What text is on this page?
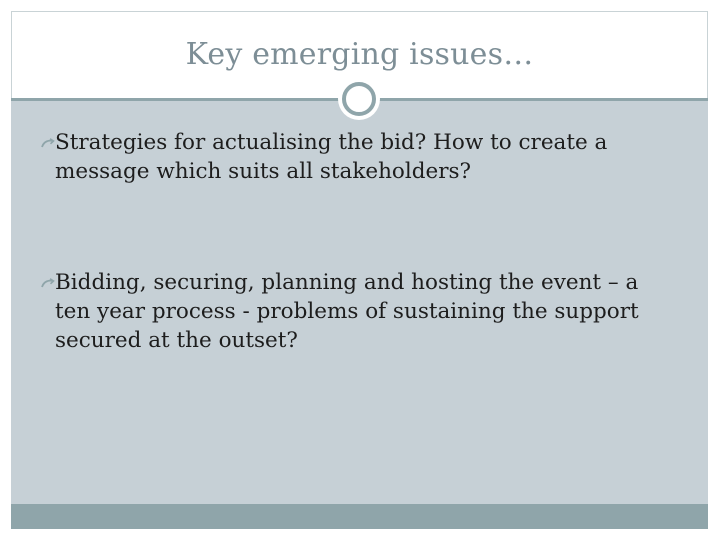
Key emerging issues…
Strategies for actualising the bid? How to create a message which suits all stakeholders?
Bidding, securing, planning and hosting the event – a ten year process - problems of sustaining the support secured at the outset?
